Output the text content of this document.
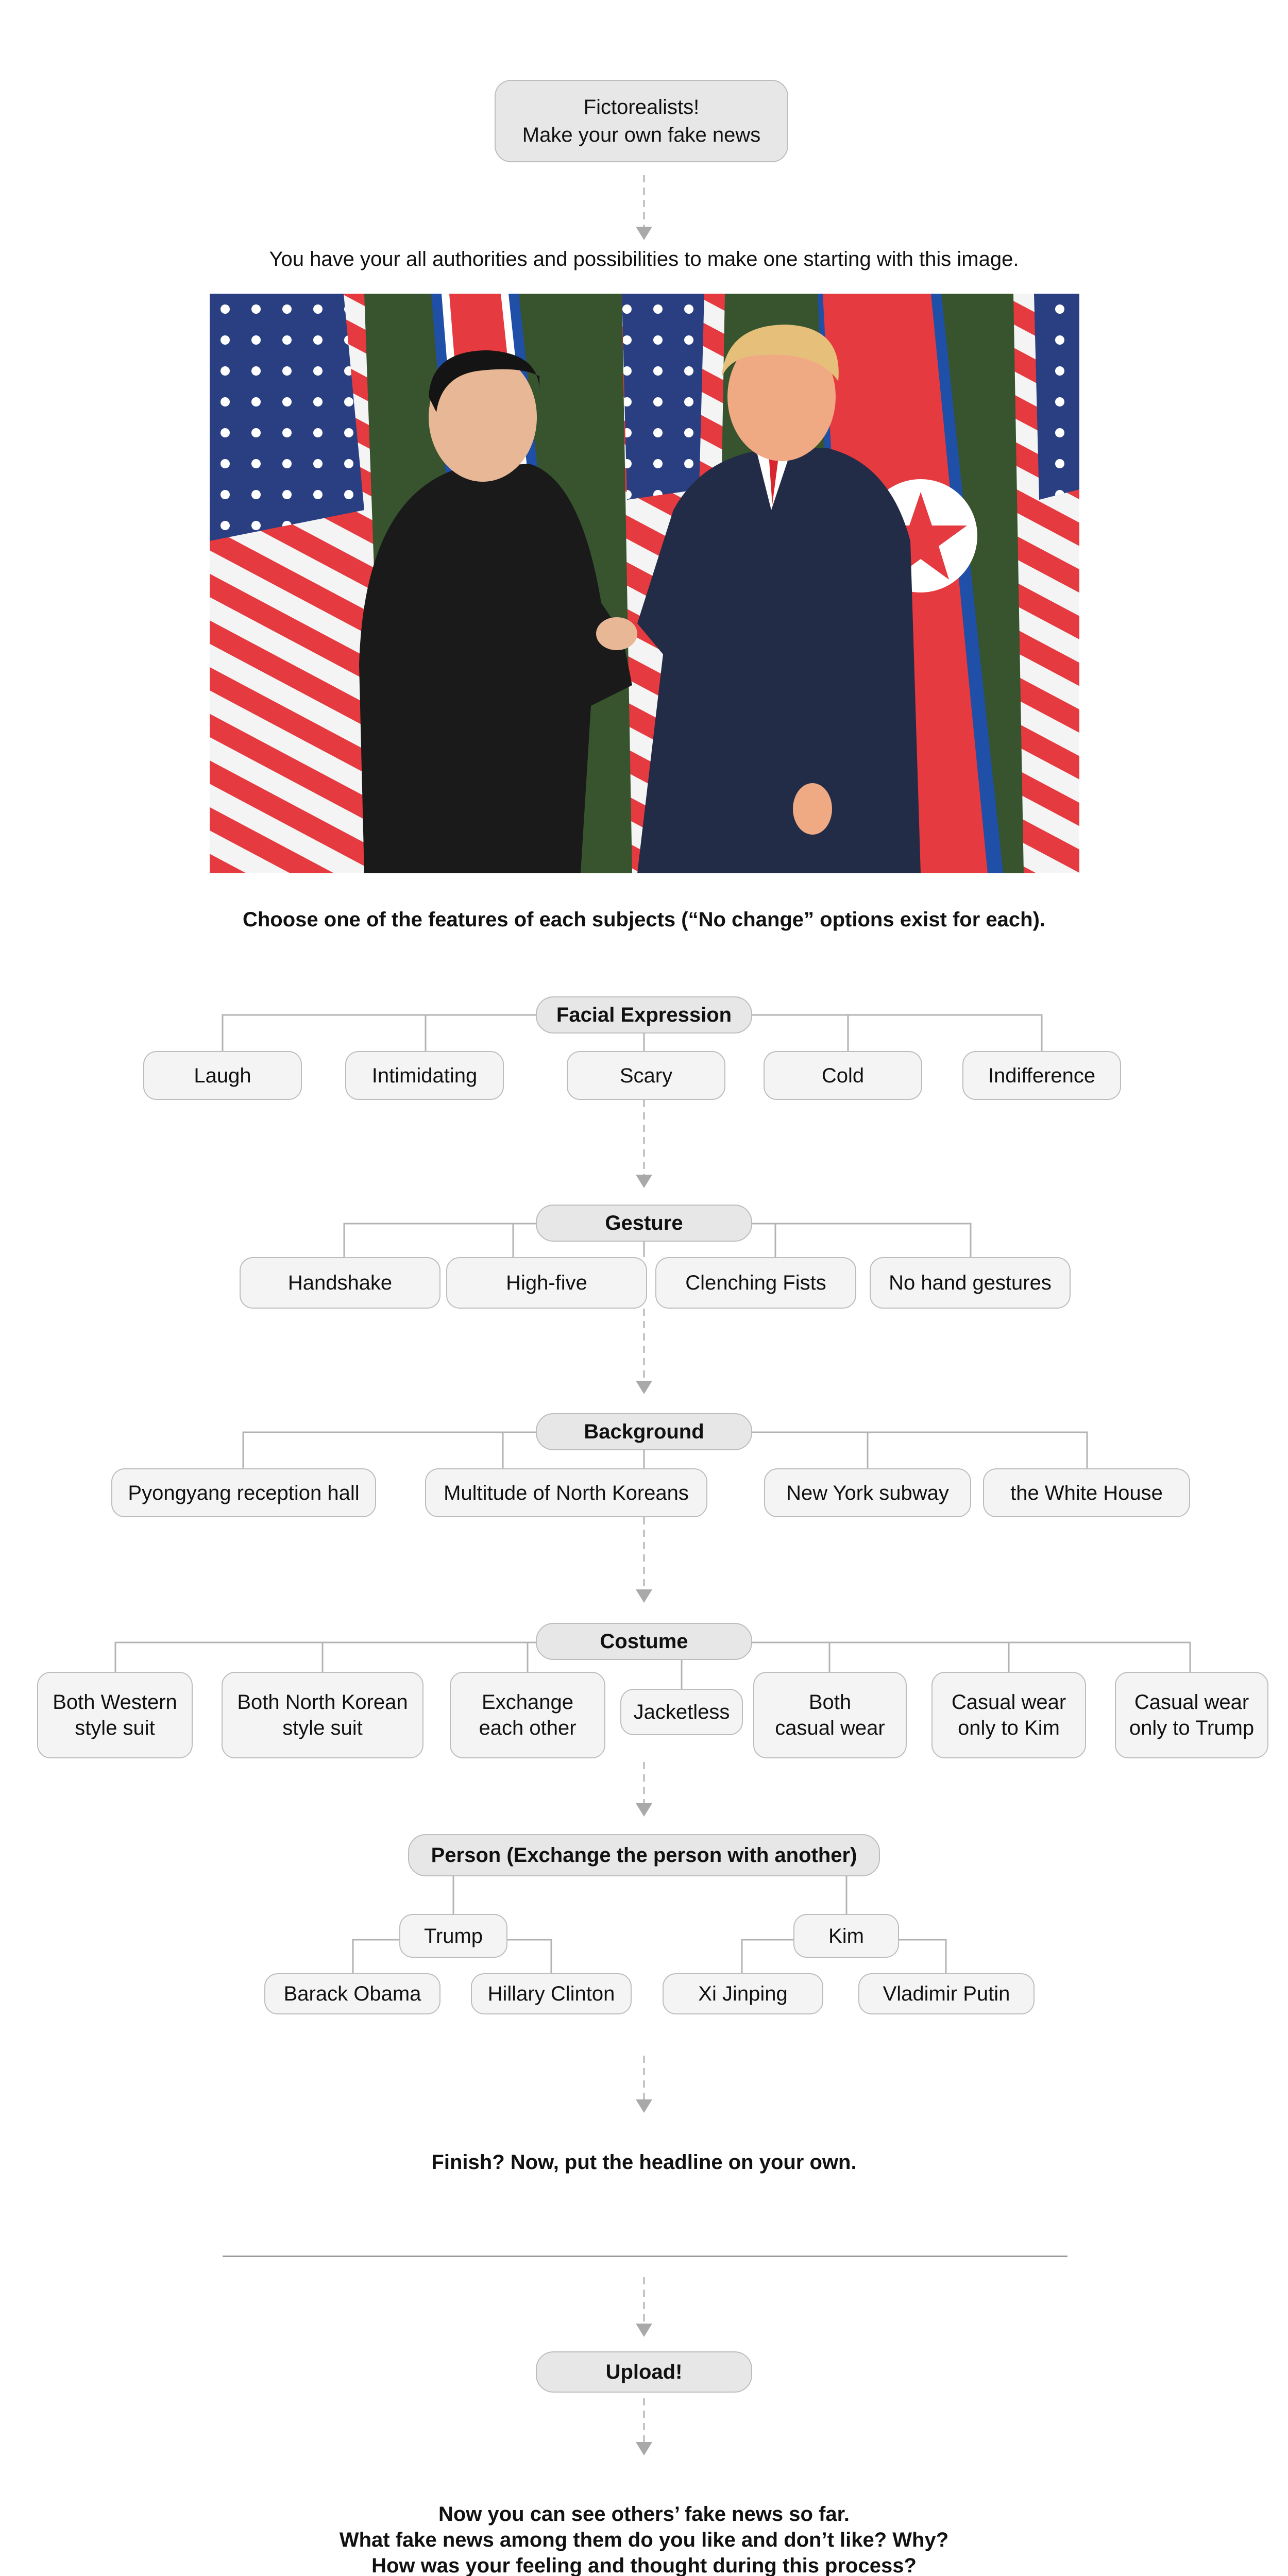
Fictorealists!
Make your own fake news
You have your all authorities and possibilities to make one starting with this image.
Choose one of the features of each subjects (“No change” options exist for each).
Facial Expression
Laugh	Intimidating	Scary	Cold	Indifference
Gesture
Handshake	High-five	Clenching Fists	No hand gestures
Background
Pyongyang reception hall	Multitude of North Koreans	New York subway	the White House
Costume
Both Western
style suit
Both North Korean
style suit
Exchange
each other
Jacketless	Both
casual wear
Casual wear
only to Kim
Casual wear
only to Trump
Person (Exchange the person with another)
Trump	Kim
Barack Obama	Hillary Clinton	Xi Jinping	Vladimir Putin
Finish? Now, put the headline on your own.
Upload!
Now you can see others’ fake news so far.
What fake news among them do you like and don’t like? Why?
How was your feeling and thought during this process?
